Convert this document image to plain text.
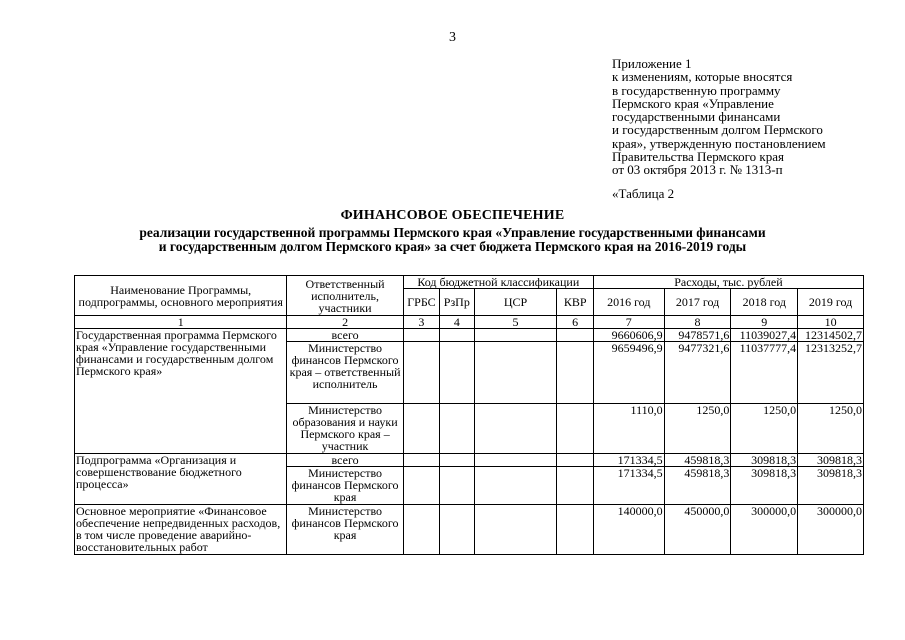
3
Приложение 1
к изменениям, которые вносятся
в государственную программу
Пермского края «Управление
государственными финансами
и государственным долгом Пермского
края», утвержденную постановлением
Правительства Пермского края
от 03 октября 2013 г. № 1313-п
«Таблица 2
ФИНАНСОВОЕ ОБЕСПЕЧЕНИЕ
реализации государственной программы Пермского края «Управление государственными финансами
и государственным долгом Пермского края» за счет бюджета Пермского края на 2016-2019 годы
Наименование Программы, подпрограммы, основного мероприятия	Ответственный исполнитель, участники	Код бюджетной классификации				Расходы, тыс. рублей			
		ГРБС	РзПр	ЦСР	КВР	2016 год	2017 год	2018 год	2019 год
1	2	3	4	5	6	7	8	9	10
Государственная программа Пермского края «Управление государственными финансами и государственным долгом Пермского края»	всего					9660606,9	9478571,6	11039027,4	12314502,7
	Министерство финансов Пермского края – ответственный исполнитель					9659496,9	9477321,6	11037777,4	12313252,7
	Министерство образования и науки Пермского края – участник					1110,0	1250,0	1250,0	1250,0
Подпрограмма «Организация и совершенствование бюджетного процесса»	всего					171334,5	459818,3	309818,3	309818,3
	Министерство финансов Пермского края					171334,5	459818,3	309818,3	309818,3
Основное мероприятие «Финансовое обеспечение непредвиденных расходов, в том числе проведение аварийно-восстановительных работ	Министерство финансов Пермского края					140000,0	450000,0	300000,0	300000,0
